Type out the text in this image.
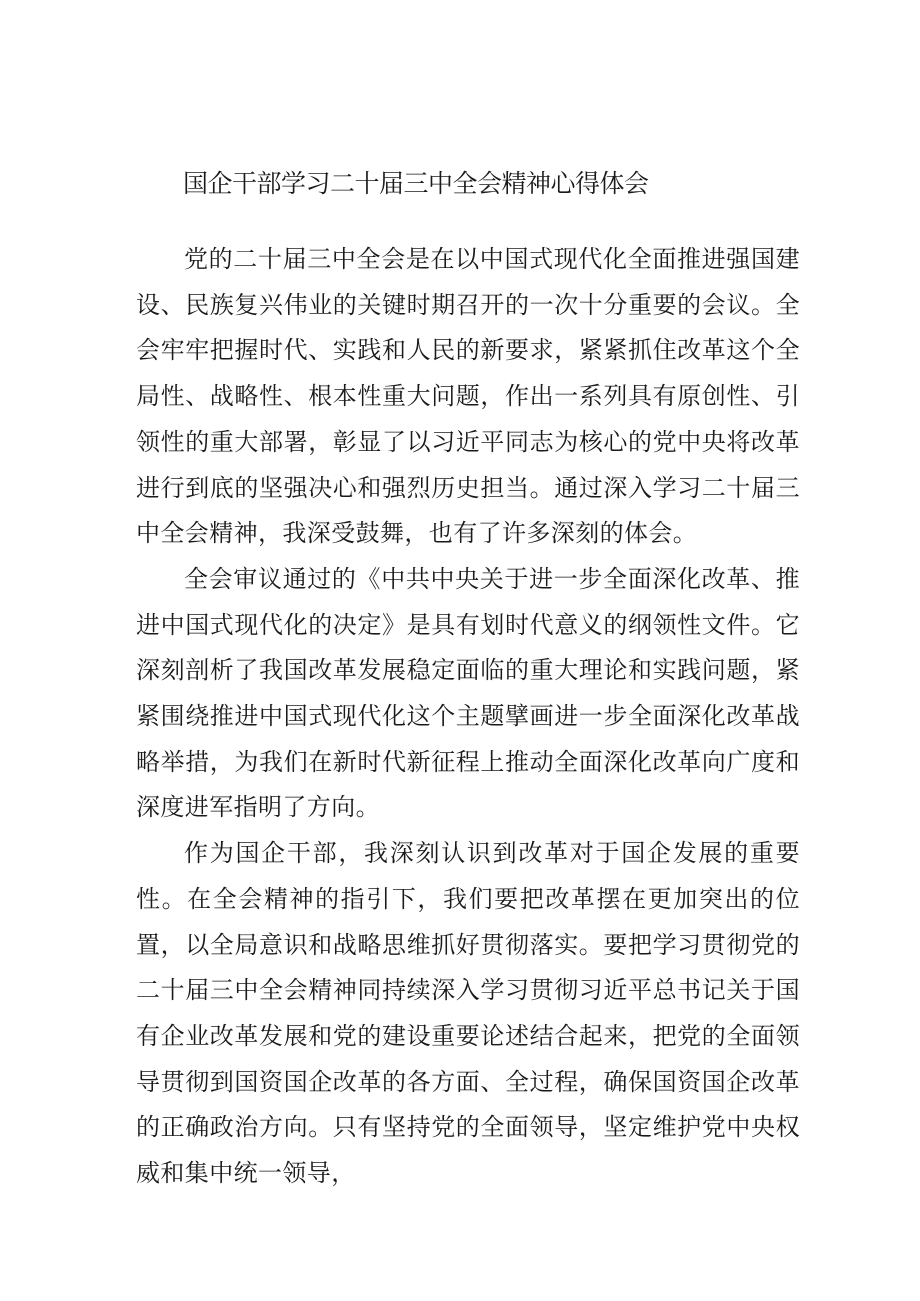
国企干部学习二十届三中全会精神心得体会

党的二十届三中全会是在以中国式现代化全面推进强国建设、民族复兴伟业的关键时期召开的一次十分重要的会议。全会牢牢把握时代、实践和人民的新要求，紧紧抓住改革这个全局性、战略性、根本性重大问题，作出一系列具有原创性、引领性的重大部署，彰显了以习近平同志为核心的党中央将改革进行到底的坚强决心和强烈历史担当。通过深入学习二十届三中全会精神，我深受鼓舞，也有了许多深刻的体会。

全会审议通过的《中共中央关于进一步全面深化改革、推进中国式现代化的决定》是具有划时代意义的纲领性文件。它深刻剖析了我国改革发展稳定面临的重大理论和实践问题，紧紧围绕推进中国式现代化这个主题擘画进一步全面深化改革战略举措，为我们在新时代新征程上推动全面深化改革向广度和深度进军指明了方向。

作为国企干部，我深刻认识到改革对于国企发展的重要性。在全会精神的指引下，我们要把改革摆在更加突出的位置，以全局意识和战略思维抓好贯彻落实。要把学习贯彻党的二十届三中全会精神同持续深入学习贯彻习近平总书记关于国有企业改革发展和党的建设重要论述结合起来，把党的全面领导贯彻到国资国企改革的各方面、全过程，确保国资国企改革的正确政治方向。只有坚持党的全面领导，坚定维护党中央权威和集中统一领导，
